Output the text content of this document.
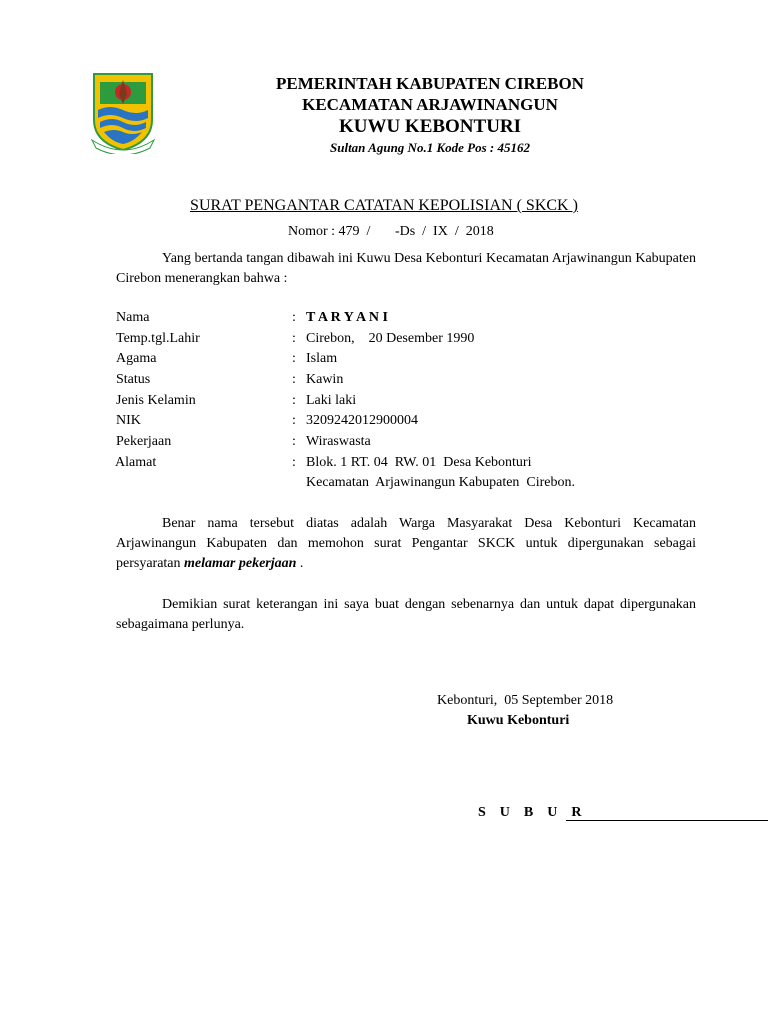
PEMERINTAH KABUPATEN CIREBON
KECAMATAN ARJAWINANGUN
KUWU KEBONTURI
Sultan Agung No.1 Kode Pos : 45162
SURAT PENGANTAR CATATAN KEPOLISIAN ( SKCK )
Nomor : 479  /       -Ds  /  IX  /  2018
Yang bertanda tangan dibawah ini Kuwu Desa Kebonturi Kecamatan Arjawinangun Kabupaten Cirebon menerangkan bahwa :
Nama	: T A R Y A N I
Temp.tgl.Lahir	: Cirebon,    20 Desember 1990
Agama	: Islam
Status	: Kawin
Jenis Kelamin	: Laki laki
NIK	: 3209242012900004
Pekerjaan	: Wiraswasta
Alamat	: Blok. 1 RT. 04  RW. 01  Desa Kebonturi
Kecamatan  Arjawinangun Kabupaten  Cirebon.
Benar nama tersebut diatas adalah Warga Masyarakat Desa Kebonturi Kecamatan Arjawinangun Kabupaten dan memohon surat Pengantar SKCK untuk dipergunakan sebagai persyaratan melamar pekerjaan .
Demikian surat keterangan ini saya buat dengan sebenarnya dan untuk dapat dipergunakan sebagaimana perlunya.
Kebonturi,  05 September 2018
Kuwu Kebonturi
S    U    B    U    R
